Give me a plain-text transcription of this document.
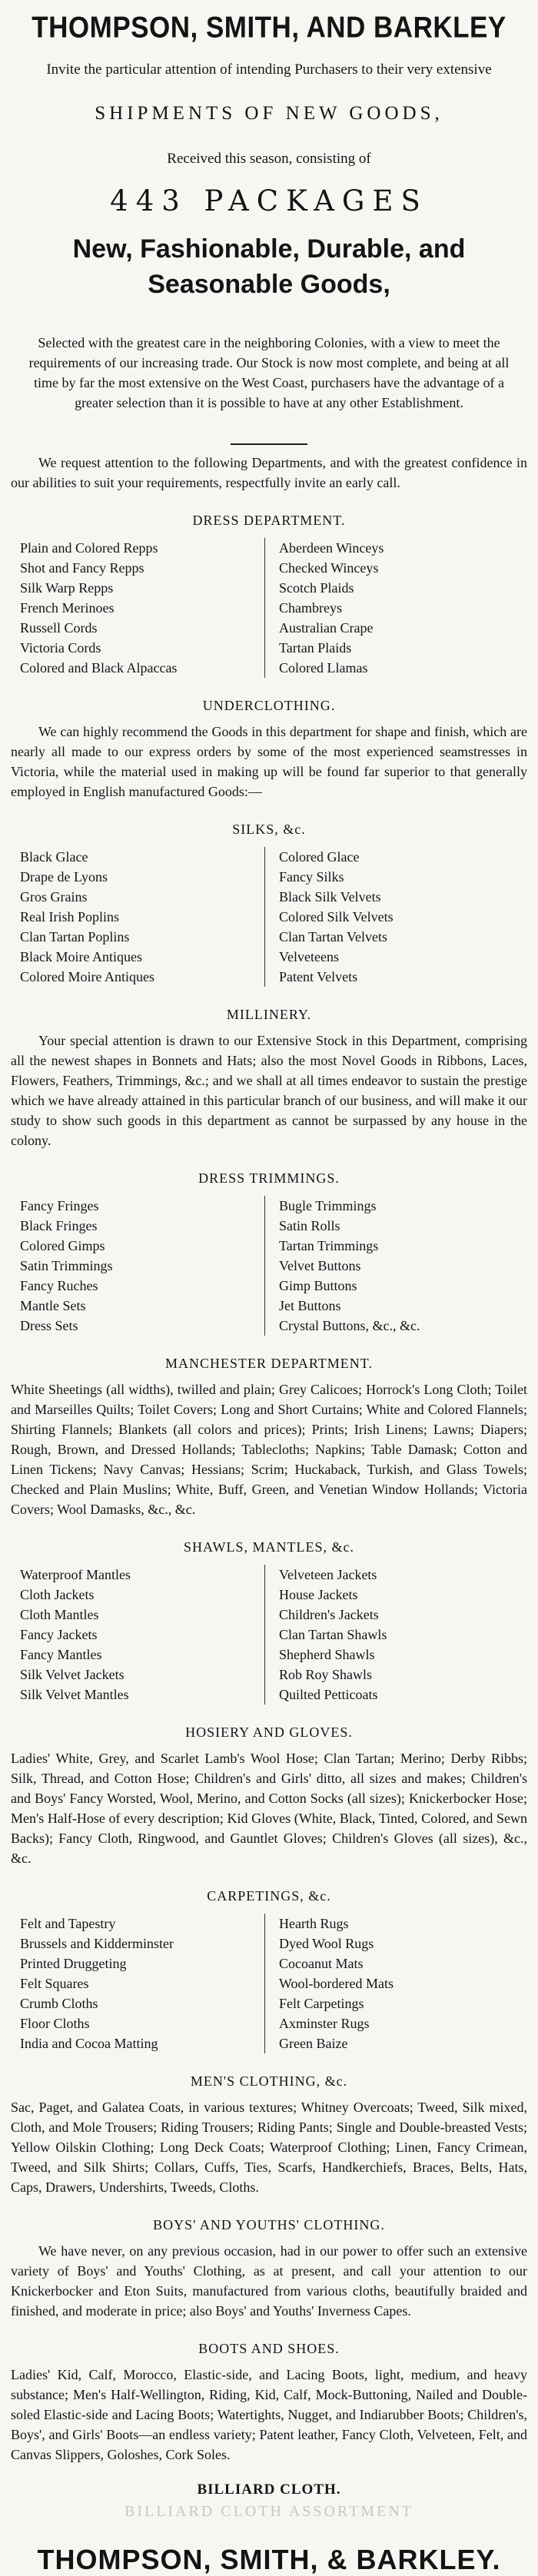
THOMPSON, SMITH, AND BARKLEY
Invite the particular attention of intending Purchasers to their very extensive
SHIPMENTS OF NEW GOODS,
Received this season, consisting of
443 PACKAGES
New, Fashionable, Durable, and Seasonable Goods,
Selected with the greatest care in the neighboring Colonies, with a view to meet the requirements of our increasing trade. Our Stock is now most complete, and being at all time by far the most extensive on the West Coast, purchasers have the advantage of a greater selection than it is possible to have at any other Establishment.

We request attention to the following Departments, and with the greatest confidence in our abilities to suit your requirements, respectfully invite an early call.

DRESS DEPARTMENT.
Plain and Colored Repps
Shot and Fancy Repps
Silk Warp Repps
French Merinoes
Russell Cords
Victoria Cords
Colored and Black Alpaccas
Aberdeen Winceys
Checked Winceys
Scotch Plaids
Chambreys
Australian Crape
Tartan Plaids
Colored Llamas
UNDERCLOTHING.

We can highly recommend the Goods in this department for shape and finish, which are nearly all made to our express orders by some of the most experienced seamstresses in Victoria, while the material used in making up will be found far superior to that generally employed in English manufactured Goods:—

SILKS, &c.
Black Glace
Drape de Lyons
Gros Grains
Real Irish Poplins
Clan Tartan Poplins
Black Moire Antiques
Colored Moire Antiques
Colored Glace
Fancy Silks
Black Silk Velvets
Colored Silk Velvets
Clan Tartan Velvets
Velveteens
Patent Velvets
MILLINERY.

Your special attention is drawn to our Extensive Stock in this Department, comprising all the newest shapes in Bonnets and Hats; also the most Novel Goods in Ribbons, Laces, Flowers, Feathers, Trimmings, &c.; and we shall at all times endeavor to sustain the prestige which we have already attained in this particular branch of our business, and will make it our study to show such goods in this department as cannot be surpassed by any house in the colony.

DRESS TRIMMINGS.
Fancy Fringes
Black Fringes
Colored Gimps
Satin Trimmings
Fancy Ruches
Mantle Sets
Dress Sets
Bugle Trimmings
Satin Rolls
Tartan Trimmings
Velvet Buttons
Gimp Buttons
Jet Buttons
Crystal Buttons, &c., &c.
MANCHESTER DEPARTMENT.

White Sheetings (all widths), twilled and plain; Grey Calicoes; Horrock's Long Cloth; Toilet and Marseilles Quilts; Toilet Covers; Long and Short Curtains; White and Colored Flannels; Shirting Flannels; Blankets (all colors and prices); Prints; Irish Linens; Lawns; Diapers; Rough, Brown, and Dressed Hollands; Tablecloths; Napkins; Table Damask; Cotton and Linen Tickens; Navy Canvas; Hessians; Scrim; Huckaback, Turkish, and Glass Towels; Checked and Plain Muslins; White, Buff, Green, and Venetian Window Hollands; Victoria Covers; Wool Damasks, &c., &c.

SHAWLS, MANTLES, &c.
Waterproof Mantles
Cloth Jackets
Cloth Mantles
Fancy Jackets
Fancy Mantles
Silk Velvet Jackets
Silk Velvet Mantles
Velveteen Jackets
House Jackets
Children's Jackets
Clan Tartan Shawls
Shepherd Shawls
Rob Roy Shawls
Quilted Petticoats
HOSIERY AND GLOVES.

Ladies' White, Grey, and Scarlet Lamb's Wool Hose; Clan Tartan; Merino; Derby Ribbs; Silk, Thread, and Cotton Hose; Children's and Girls' ditto, all sizes and makes; Children's and Boys' Fancy Worsted, Wool, Merino, and Cotton Socks (all sizes); Knickerbocker Hose; Men's Half-Hose of every description; Kid Gloves (White, Black, Tinted, Colored, and Sewn Backs); Fancy Cloth, Ringwood, and Gauntlet Gloves; Children's Gloves (all sizes), &c., &c.

CARPETINGS, &c.
Felt and Tapestry
Brussels and Kidderminster
Printed Druggeting
Felt Squares
Crumb Cloths
Floor Cloths
India and Cocoa Matting
Hearth Rugs
Dyed Wool Rugs
Cocoanut Mats
Wool-bordered Mats
Felt Carpetings
Axminster Rugs
Green Baize
MEN'S CLOTHING, &c.

Sac, Paget, and Galatea Coats, in various textures; Whitney Overcoats; Tweed, Silk mixed, Cloth, and Mole Trousers; Riding Trousers; Riding Pants; Single and Double-breasted Vests; Yellow Oilskin Clothing; Long Deck Coats; Waterproof Clothing; Linen, Fancy Crimean, Tweed, and Silk Shirts; Collars, Cuffs, Ties, Scarfs, Handkerchiefs, Braces, Belts, Hats, Caps, Drawers, Undershirts, Tweeds, Cloths.

BOYS' AND YOUTHS' CLOTHING.

We have never, on any previous occasion, had in our power to offer such an extensive variety of Boys' and Youths' Clothing, as at present, and call your attention to our Knickerbocker and Eton Suits, manufactured from various cloths, beautifully braided and finished, and moderate in price; also Boys' and Youths' Inverness Capes.

BOOTS AND SHOES.

Ladies' Kid, Calf, Morocco, Elastic-side, and Lacing Boots, light, medium, and heavy substance; Men's Half-Wellington, Riding, Kid, Calf, Mock-Buttoning, Nailed and Double-soled Elastic-side and Lacing Boots; Watertights, Nugget, and Indiarubber Boots; Children's, Boys', and Girls' Boots—an endless variety; Patent leather, Fancy Cloth, Velveteen, Felt, and Canvas Slippers, Goloshes, Cork Soles.

BILLIARD CLOTH.
BILLIARD CLOTH ASSORTMENT
THOMPSON, SMITH, & BARKLEY.
